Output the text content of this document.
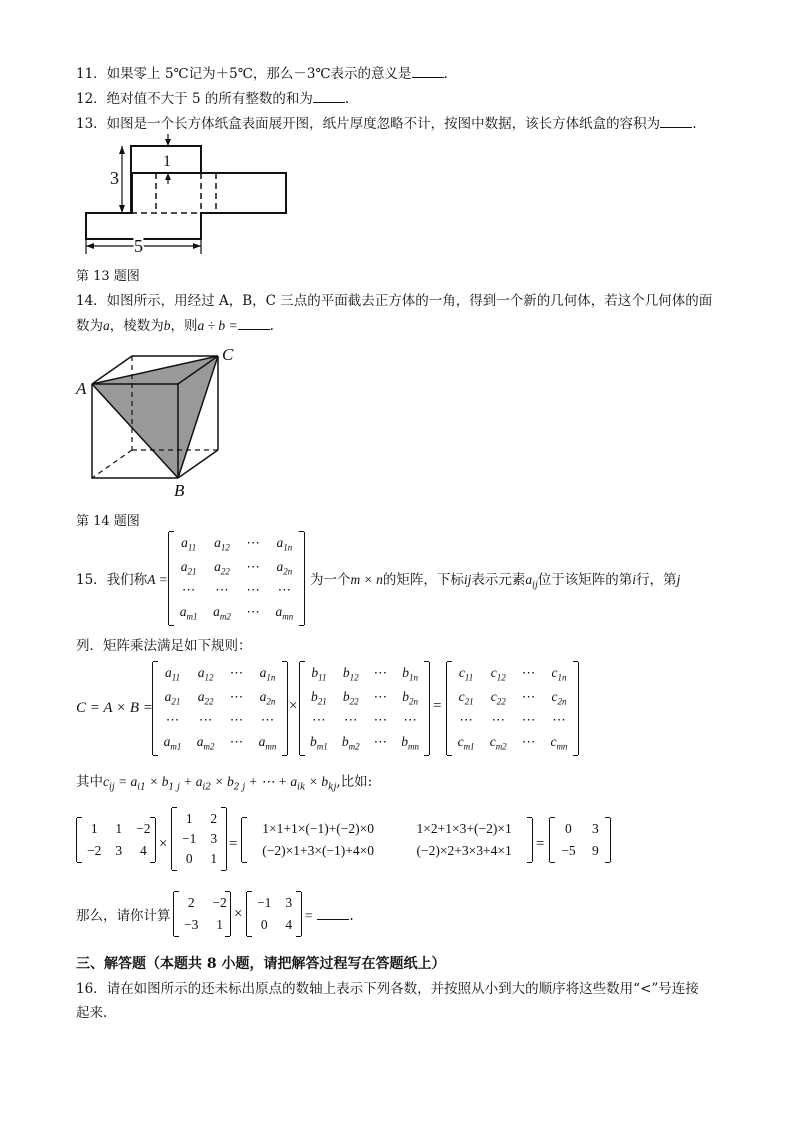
11．如果零上 5℃记为＋5℃，那么－3℃表示的意义是 .
12．绝对值不大于 5 的所有整数的和为 .
13．如图是一个长方体纸盒表面展开图，纸片厚度忽略不计，按图中数据，该长方体纸盒的容积为 .
3
1
5
第 13 题图
14．如图所示，用经过 A，B，C 三点的平面截去正方体的一角，得到一个新的几何体，若这个几何体的面
数为a，棱数为b，则a ÷ b = .
A
B
C
第 14 题图
15．我们称A =
$a_{11}$ $a_{12}$ ⋯ $a_{1n}$
$a_{21}$ $a_{22}$ ⋯ $a_{2n}$
⋯ ⋯ ⋯ ⋯
$a_{m1}$ $a_{m2}$ ⋯ $a_{mn}$
为一个m × n的矩阵，下标ij表示元素$a_{ij}$位于该矩阵的第i行，第j
列．矩阵乘法满足如下规则：
C = A × B =
$a_{11}$ $a_{12}$ ⋯ $a_{1n}$
$a_{21}$ $a_{22}$ ⋯ $a_{2n}$
⋯ ⋯ ⋯ ⋯
$a_{m1}$ $a_{m2}$ ⋯ $a_{mn}$
×
$b_{11}$ $b_{12}$ ⋯ $b_{1n}$
$b_{21}$ $b_{22}$ ⋯ $b_{2n}$
⋯ ⋯ ⋯ ⋯
$b_{m1}$ $b_{m2}$ ⋯ $b_{mn}$
=
$c_{11}$ $c_{12}$ ⋯ $c_{1n}$
$c_{21}$ $c_{22}$ ⋯ $c_{2n}$
⋯ ⋯ ⋯ ⋯
$c_{m1}$ $c_{m2}$ ⋯ $c_{mn}$
其中$c_{ij} = a_{i1} \times b_{1 j} + a_{i2} \times b_{2 j}$ + ⋯ + $a_{ik} \times b_{kj}$,比如:
1 1 −2
−2 3 4 ×
1 2
−1 3
0 1
=
1×1+1×(−1)+(−2)×0	1×2+1×3+(−2)×1
(−2)×1+3×(−1)+4×0	(−2)×2+3×3+4×1	=
0	3
−5 9
那么，请你计算
2 −2
−3 1
×
−1 3
0 4
=	.
三、解答题（本题共 8 小题，请把解答过程写在答题纸上）
16．请在如图所示的还未标出原点的数轴上表示下列各数，并按照从小到大的顺序将这些数用“<”号连接
起来.
